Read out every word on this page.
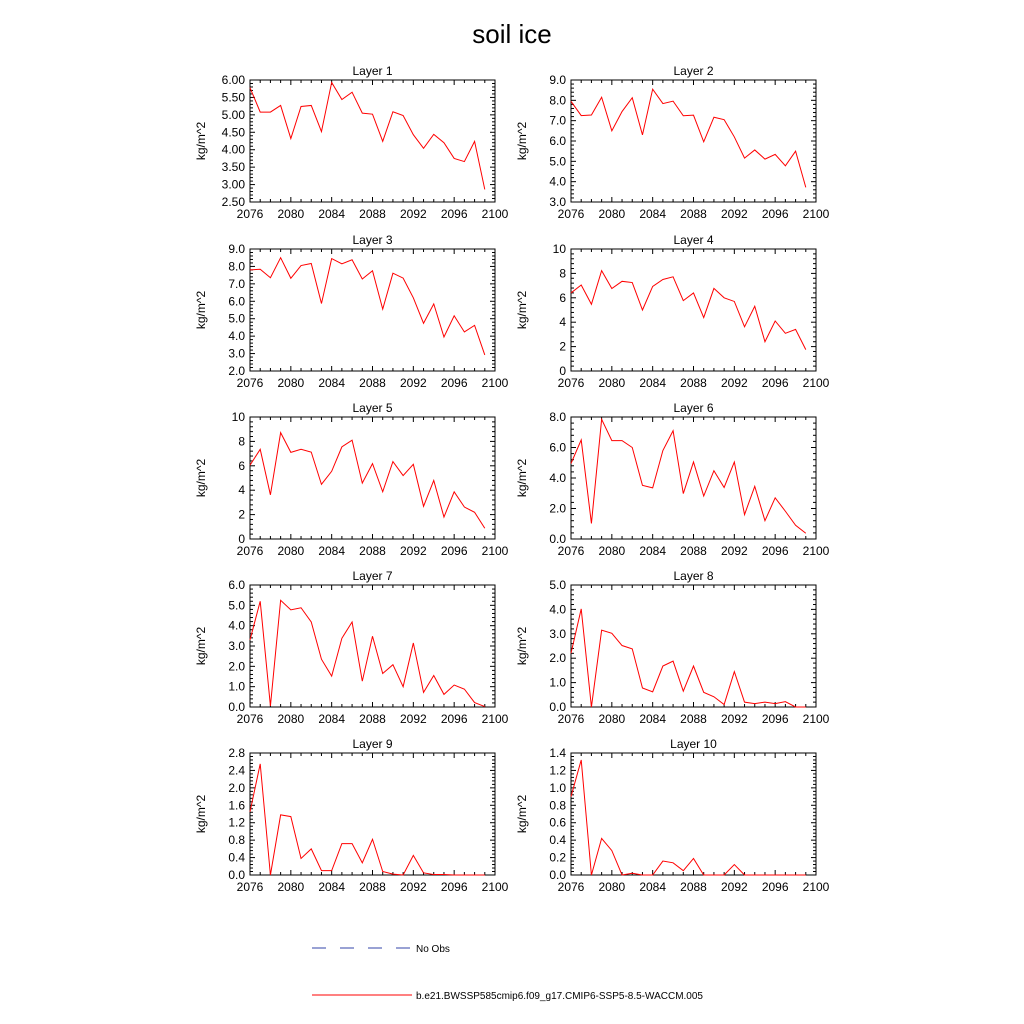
soil ice
Layer 1
kg/m^2
2.50
3.00
3.50
4.00
4.50
5.00
5.50
6.00
2076 2080 2084 2088 2092 2096 2100
Layer 2
kg/m^2
3.0
4.0
5.0
6.0
7.0
8.0
9.0
2076 2080 2084 2088 2092 2096 2100
Layer 3
kg/m^2
2.0
3.0
4.0
5.0
6.0
7.0
8.0
9.0
2076 2080 2084 2088 2092 2096 2100
Layer 4
kg/m^2
0
2
4
6
8
10
2076 2080 2084 2088 2092 2096 2100
Layer 5
kg/m^2
0
2
4
6
8
10
2076 2080 2084 2088 2092 2096 2100
Layer 6
kg/m^2
0.0
2.0
4.0
6.0
8.0
2076 2080 2084 2088 2092 2096 2100
Layer 7
kg/m^2
0.0
1.0
2.0
3.0
4.0
5.0
6.0
2076 2080 2084 2088 2092 2096 2100
Layer 8
kg/m^2
0.0
1.0
2.0
3.0
4.0
5.0
2076 2080 2084 2088 2092 2096 2100
Layer 9
kg/m^2
0.0
0.4
0.8
1.2
1.6
2.0
2.4
2.8
2076 2080 2084 2088 2092 2096 2100
Layer 10
kg/m^2
0.0
0.2
0.4
0.6
0.8
1.0
1.2
1.4
2076 2080 2084 2088 2092 2096 2100
No Obs
b.e21.BWSSP585cmip6.f09_g17.CMIP6-SSP5-8.5-WACCM.005
